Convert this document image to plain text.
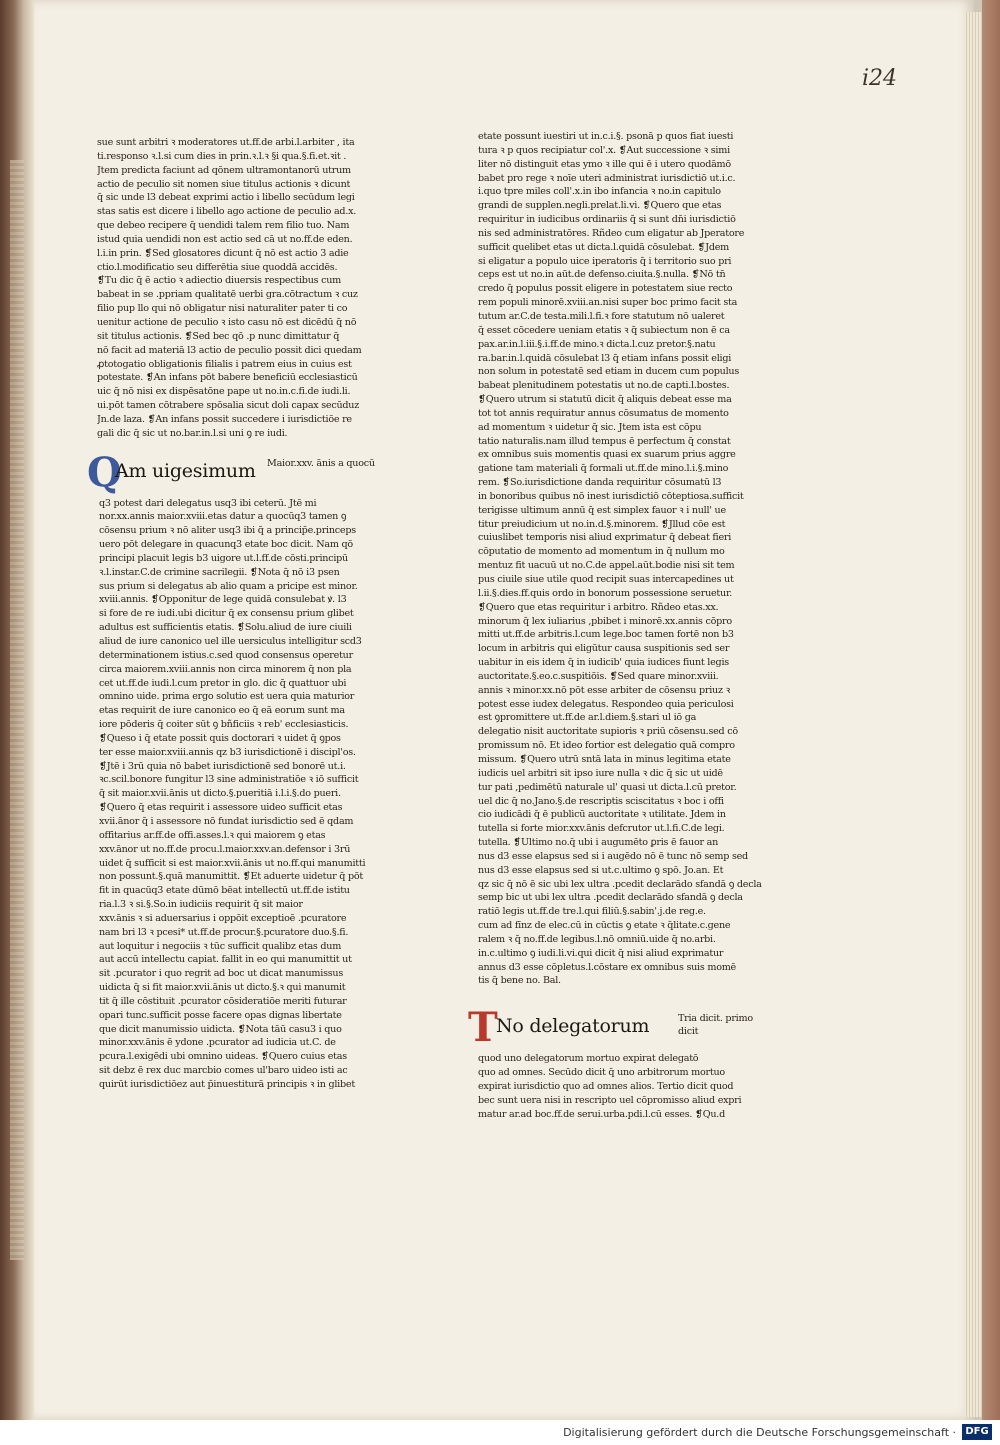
i24
sue sunt arbitri ꝛ moderatores ut.ff.de arbi.l.arbiter , ita
ti.responso ꝛ.l.si cum dies in prin.ꝛ.l.ꝛ §i qua.§.fi.et.ꝛit .
Jtem predicta faciunt ad qōnem ultramontanorū utrum
actio de peculio sit nomen siue titulus actionis ꝛ dicunt
q̄ sic unde l3 debeat exprimi actio i libello secūdum legi
stas satis est dicere i libello ago actione de peculio ad.x.
que debeo recipere q̄ uendidi talem rem filio tuo. Nam
istud quia uendidi non est actio sed cā ut no.ff.de eden.
l.i.in prin. ❡Sed glosatores dicunt q̄ nō est actio 3 adie
ctio.l.modificatio seu differētia siue quoddā accidēs.
❡Tu dic q̄ ē actio ꝛ adiectio diuersis respectibus cum
babeat in se .ppriam qualitatē uerbi gra.cōtractum ꝛ cuz
filio pup llo qui nō obligatur nisi naturaliter pater ti co
uenitur actione de peculio ꝛ isto casu nō est dicēdū q̄ nō
sit titulus actionis. ❡Sed bec qō .p nunc dimittatur q̄
nō facit ad materiā l3 actio de peculio possit dici quedam
ꝓtotogatio obligationis filialis i patrem eius in cuius est
potestate. ❡An infans pōt babere beneficiū ecclesiasticū
uic q̄ nō nisi ex dispēsatōne pape ut no.in.c.fi.de iudi.li.
ui.pōt tamen cōtrabere spōsalia sicut doli capax secūduz
Jn.de laza. ❡An infans possit succedere i iurisdictiōe re
gali dic q̄ sic ut no.bar.in.l.si uni ꝯ re iudi.
Q
Am uigesimum Maior.xxv. ānis a quocū
q3 potest dari delegatus usq3 ibi ceterū. Jtē mi
nor.xx.annis maior.xviii.etas datur a quocūq3 tamen ꝯ
cōsensu prium ꝛ nō aliter usq3 ibi q̄ a princip̄e.princeps
uero pōt delegare in quacunq3 etate boc dicit. Nam qō
principi placuit legis b3 uigore ut.l.ff.de cōsti.principū
ꝛ.l.instar.C.de crimine sacrilegii. ❡Nota q̄ nō i3 psen
sus prium si delegatus ab alio quam a pricipe est minor.
xviii.annis. ❡Opponitur de lege quidā consulebat ꝟ. l3
si fore de re iudi.ubi dicitur q̄ ex consensu prium glibet
adultus est sufficientis etatis. ❡Solu.aliud de iure ciuili
aliud de iure canonico uel ille uersiculus intelligitur scd3
determinationem istius.c.sed quod consensus operetur
circa maiorem.xviii.annis non circa minorem q̄ non pla
cet ut.ff.de iudi.l.cum pretor in glo. dic q̄ quattuor ubi
omnino uide. prima ergo solutio est uera quia maturior
etas requirit de iure canonico eo q̄ eā eorum sunt ma
iore pōderis q̄ coiter sūt ꝯ bñficiis ꝛ reb' ecclesiasticis.
❡Queso i q̄ etate possit quis doctorari ꝛ uidet q̄ ꝯpos
ter esse maior.xviii.annis qz b3 iurisdictionē i discipl'os.
❡Jtē i 3rū quia nō babet iurisdictionē sed bonorē ut.i.
ꝛc.scil.bonore fungitur l3 sine administratiōe ꝛ iō sufficit
q̄ sit maior.xvii.ānis ut dicto.§.pueritiā i.l.i.§.do pueri.
❡Quero q̄ etas requirit i assessore uideo sufficit etas
xvii.ānor q̄ i assessore nō fundat iurisdictio sed ē qdam
offitarius ar.ff.de offi.asses.l.ꝛ qui maiorem ꝯ etas
xxv.ānor ut no.ff.de procu.l.maior.xxv.an.defensor i 3rū
uidet q̄ sufficit si est maior.xvii.ānis ut no.ff.qui manumitti
non possunt.§.quā manumittit. ❡Et aduerte uidetur q̄ pōt
fit in quacūq3 etate dūmō bēat intellectū ut.ff.de istitu
ria.l.3 ꝛ si.§.So.in iudiciis requirit q̄ sit maior
xxv.ānis ꝛ si aduersarius i oppōit exceptioē .pcuratore
nam bri l3 ꝛ pcesi* ut.ff.de procur.§.pcuratore duo.§.fi.
aut loquitur i negociis ꝛ tūc sufficit qualibz etas dum
aut accū intellectu capiat. fallit in eo qui manumittit ut
sit .pcurator i quo regrit ad boc ut dicat manumissus
uidicta q̄ si fit maior.xvii.ānis ut dicto.§.ꝛ qui manumit
tit q̄ ille cōstituit .pcurator cōsideratiōe meriti futurar
opari tunc.sufficit posse facere opas dignas libertate
que dicit manumissio uidicta. ❡Nota tāū casu3 i quo
minor.xxv.ānis ē ydone .pcurator ad iudicia ut.C. de
pcura.l.exigēdi ubi omnino uideas. ❡Quero cuius etas
sit debz ē rex duc marcbio comes ul'baro uideo isti ac
quirūt iurisdictiōez aut p̄inuestiturā principis ꝛ in glibet
etate possunt iuestiri ut in.c.i.§. psonā p quos fiat iuesti
tura ꝛ p quos recipiatur col'.x. ❡Aut successione ꝛ simi
liter nō distinguit etas ymo ꝛ ille qui ē i utero quodāmō
babet pro rege ꝛ noīe uteri administrat iurisdictiō ut.i.c.
i.quo tpre miles coll'.x.in ibo infancia ꝛ no.in capitulo
grandi de supplen.negli.prelat.li.vi. ❡Quero que etas
requiritur in iudicibus ordinariis q̄ si sunt dn̄i iurisdictiō
nis sed administratōres. Rñdeo cum eligatur ab Jperatore
sufficit quelibet etas ut dicta.l.quidā cōsulebat. ❡Jdem
si eligatur a populo uice iperatoris q̄ i territorio suo pri
ceps est ut no.in aūt.de defenso.ciuita.§.nulla. ❡Nō tn̄
credo q̄ populus possit eligere in potestatem siue recto
rem populi minorē.xviii.an.nisi super boc primo facit sta
tutum ar.C.de testa.mili.l.fi.ꝛ fore statutum nō ualeret
q̄ esset cōcedere ueniam etatis ꝛ q̄ subiectum non ē ca
pax.ar.in.l.iii.§.i.ff.de mino.ꝛ dicta.l.cuz pretor.§.natu
ra.bar.in.l.quidā cōsulebat l3 q̄ etiam infans possit eligi
non solum in potestatē sed etiam in ducem cum populus
babeat plenitudinem potestatis ut no.de capti.l.bostes.
❡Quero utrum si statutū dicit q̄ aliquis debeat esse ma
tot tot annis requiratur annus cōsumatus de momento
ad momentum ꝛ uidetur q̄ sic. Jtem ista est cōpu
tatio naturalis.nam illud tempus ē perfectum q̄ constat
ex omnibus suis momentis quasi ex suarum prius aggre
gatione tam materiali q̄ formali ut.ff.de mino.l.i.§.mino
rem. ❡So.iurisdictione danda requiritur cōsumatū l3
in bonoribus quibus nō inest iurisdictiō cōteptiosa.sufficit
terigisse ultimum annū q̄ est simplex fauor ꝛ i null' ue
titur preiudicium ut no.in.d.§.minorem. ❡Jllud cōe est
cuiuslibet temporis nisi aliud exprimatur q̄ debeat fieri
cōputatio de momento ad momentum in q̄ nullum mo
mentuz fit uacuū ut no.C.de appel.aūt.bodie nisi sit tem
pus ciuile siue utile quod recipit suas intercapedines ut
l.ii.§.dies.ff.quis ordo in bonorum possessione seruetur.
❡Quero que etas requiritur i arbitro. Rñdeo etas.xx.
minorum q̄ lex iuliarius ,pbibet i minorē.xx.annis cōpro
mitti ut.ff.de arbitris.l.cum lege.boc tamen fortē non b3
locum in arbitris qui eligūtur causa suspitionis sed ser
uabitur in eis idem q̄ in iudicib' quia iudices fiunt legis
auctoritate.§.eo.c.suspitiōis. ❡Sed quare minor.xviii.
annis ꝛ minor.xx.nō pōt esse arbiter de cōsensu priuz ꝛ
potest esse iudex delegatus. Respondeo quia periculosi
est ꝯpromittere ut.ff.de ar.l.diem.§.stari ul iō ga
delegatio nisit auctoritate supioris ꝛ priū cōsensu.sed cō
promissum nō. Et ideo fortior est delegatio quā compro
missum. ❡Quero utrū sntā lata in minus legitima etate
iudicis uel arbitri sit ipso iure nulla ꝛ dic q̄ sic ut uidē
tur pati ,pedimētū naturale ul' quasi ut dicta.l.cū pretor.
uel dic q̄ no.Jano.§.de rescriptis sciscitatus ꝛ boc i offi
cio iudicādi q̄ ē publicū auctoritate ꝛ utilitate. Jdem in
tutella si forte mior.xxv.ānis defcrutor ut.l.fi.C.de legi.
tutella. ❡Ultimo no.q̄ ubi i augumēto ꝑris ē fauor an
nus d3 esse elapsus sed si i augēdo nō ē tunc nō semp sed
nus d3 esse elapsus sed si ut.c.ultimo ꝯ spō. Jo.an. Et
qz sic q̄ nō ē sic ubi lex ultra .pcedit declarādo sfandā ꝯ decla
semp bic ut ubi lex ultra .pcedit declarādo sfandā ꝯ decla
ratiō legis ut.ff.de tre.l.qui filiū.§.sabin'.j.de reg.e.
cum ad fīnz de elec.cū in cūctis ꝯ etate ꝛ q̄litate.c.gene
ralem ꝛ q̄ no.ff.de legibus.l.nō omniū.uide q̄ no.arbi.
in.c.ultimo ꝯ iudi.li.vi.qui dicit q̄ nisi aliud exprimatur
annus d3 esse cōpletus.l.cōstare ex omnibus suis momē
tis q̄ bene no. Bal.
T
No delegatorum	Tria dicit. primo dicit
quod uno delegatorum mortuo expirat delegatō
quo ad omnes. Secūdo dicit q̄ uno arbitrorum mortuo
expirat iurisdictio quo ad omnes alios. Tertio dicit quod
bec sunt uera nisi in rescripto uel cōpromisso aliud expri
matur ar.ad boc.ff.de serui.urba.pdi.l.cū esses. ❡Qu.d
Digitalisierung gefördert durch die Deutsche Forschungsgemeinschaft · DFG
